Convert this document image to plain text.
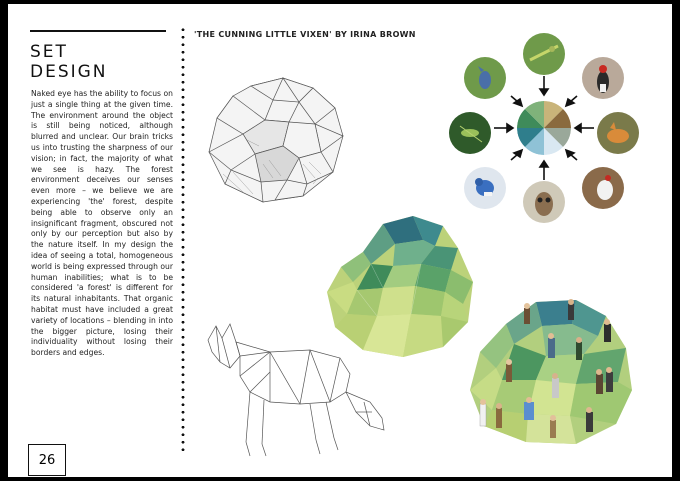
SET
DESIGN
Naked eye has the ability to focus on just a single thing at the given time. The environment around the object is still being noticed, although blurred and unclear. Our brain tricks us into trusting the sharpness of our vision; in fact, the majority of what we see is hazy. The forest environment deceives our senses even more – we believe we are experiencing 'the' forest, despite being able to observe only an insignificant fragment, obscured not only by our perception but also by the nature itself. In my design the idea of seeing a total, homogeneous world is being expressed through our human inabilities; what is to be considered 'a forest' is different for its natural inhabitants. That organic habitat must have included a great variety of locations – blending in into the bigger picture, losing their individuality without losing their borders and edges.
'THE CUNNING LITTLE VIXEN' BY IRINA BROWN
26
